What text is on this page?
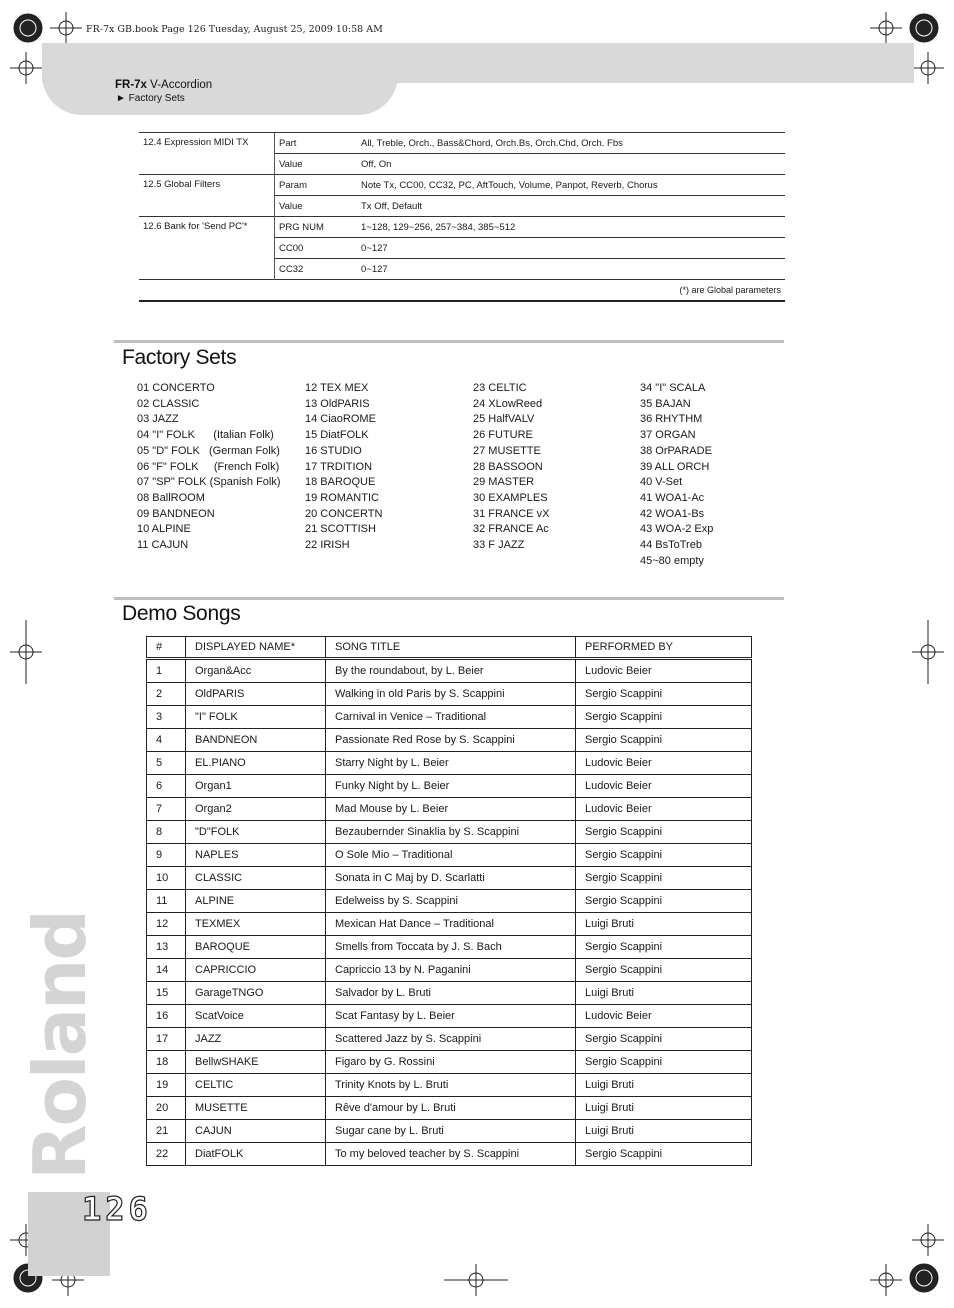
FR-7x GB.book Page 126 Tuesday, August 25, 2009 10:58 AM
FR-7x V-Accordion
► Factory Sets
Roland
126
12.4 Expression MIDI TX	Part	All, Treble, Orch., Bass&Chord, Orch.Bs, Orch.Chd, Orch. Fbs
	Value	Off, On
12.5 Global Filters	Param	Note Tx, CC00, CC32, PC, AftTouch, Volume, Panpot, Reverb, Chorus
	Value	Tx Off, Default
12.6 Bank for 'Send PC'*	PRG NUM	1~128, 129~256, 257~384, 385~512
	CC00	0~127
	CC32	0~127
(*) are Global parameters		
Factory Sets
01 CONCERTO
02 CLASSIC
03 JAZZ
04 "I" FOLK      (Italian Folk)
05 "D" FOLK   (German Folk)
06 "F" FOLK     (French Folk)
07 "SP" FOLK (Spanish Folk)
08 BallROOM
09 BANDNEON
10 ALPINE
11 CAJUN
12 TEX MEX
13 OldPARIS
14 CiaoROME
15 DiatFOLK
16 STUDIO
17 TRDITION
18 BAROQUE
19 ROMANTIC
20 CONCERTN
21 SCOTTISH
22 IRISH
23 CELTIC
24 XLowReed
25 HalfVALV
26 FUTURE
27 MUSETTE
28 BASSOON
29 MASTER
30 EXAMPLES
31 FRANCE vX
32 FRANCE Ac
33 F JAZZ
34 "I" SCALA
35 BAJAN
36 RHYTHM
37 ORGAN
38 OrPARADE
39 ALL ORCH
40 V-Set
41 WOA1-Ac
42 WOA1-Bs
43 WOA-2 Exp
44 BsToTreb
45~80 empty
Demo Songs
#	DISPLAYED NAME*	SONG TITLE	PERFORMED BY
1	Organ&Acc	By the roundabout, by L. Beier	Ludovic Beier
2	OldPARIS	Walking in old Paris by S. Scappini	Sergio Scappini
3	"I" FOLK	Carnival in Venice – Traditional	Sergio Scappini
4	BANDNEON	Passionate Red Rose by S. Scappini	Sergio Scappini
5	EL.PIANO	Starry Night by L. Beier	Ludovic Beier
6	Organ1	Funky Night by L. Beier	Ludovic Beier
7	Organ2	Mad Mouse by L. Beier	Ludovic Beier
8	"D"FOLK	Bezaubernder Sinaklia by S. Scappini	Sergio Scappini
9	NAPLES	O Sole Mio – Traditional	Sergio Scappini
10	CLASSIC	Sonata in C Maj by D. Scarlatti	Sergio Scappini
11	ALPINE	Edelweiss by S. Scappini	Sergio Scappini
12	TEXMEX	Mexican Hat Dance – Traditional	Luigi Bruti
13	BAROQUE	Smells from Toccata by J. S. Bach	Sergio Scappini
14	CAPRICCIO	Capriccio 13 by N. Paganini	Sergio Scappini
15	GarageTNGO	Salvador by L. Bruti	Luigi Bruti
16	ScatVoice	Scat Fantasy by L. Beier	Ludovic Beier
17	JAZZ	Scattered Jazz by S. Scappini	Sergio Scappini
18	BellwSHAKE	Figaro by G. Rossini	Sergio Scappini
19	CELTIC	Trinity Knots by L. Bruti	Luigi Bruti
20	MUSETTE	Rêve d'amour by L. Bruti	Luigi Bruti
21	CAJUN	Sugar cane by L. Bruti	Luigi Bruti
22	DiatFOLK	To my beloved teacher by S. Scappini	Sergio Scappini
